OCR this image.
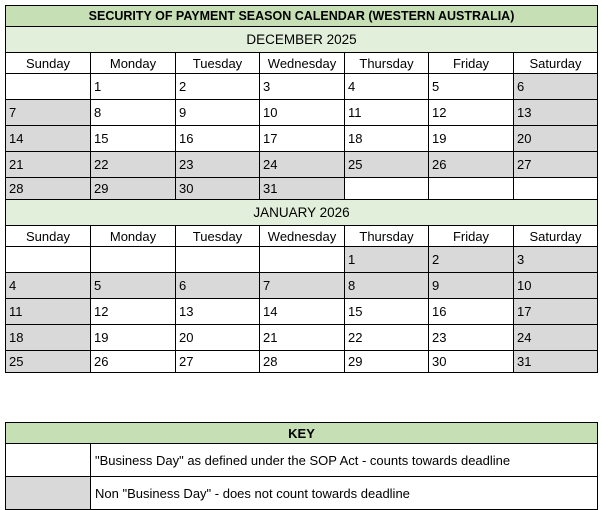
SECURITY OF PAYMENT SEASON CALENDAR (WESTERN AUSTRALIA)						
DECEMBER 2025						
Sunday	Monday	Tuesday	Wednesday	Thursday	Friday	Saturday
	1	2	3	4	5	6
7	8	9	10	11	12	13
14	15	16	17	18	19	20
21	22	23	24	25	26	27
28	29	30	31			
JANUARY 2026						
Sunday	Monday	Tuesday	Wednesday	Thursday	Friday	Saturday
				1	2	3
4	5	6	7	8	9	10
11	12	13	14	15	16	17
18	19	20	21	22	23	24
25	26	27	28	29	30	31
KEY	
	"Business Day" as defined under the SOP Act - counts towards deadline
	Non "Business Day" - does not count towards deadline
